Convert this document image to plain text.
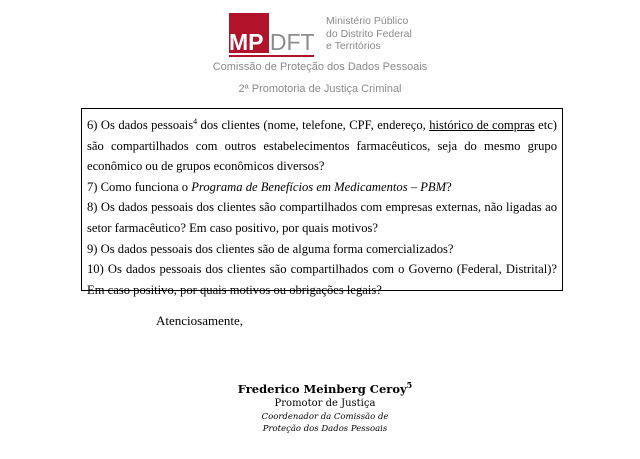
MP DFT
Ministério Público
do Distrito Federal
e Territórios
Comissão de Proteção dos Dados Pessoais
2ª Promotoria de Justiça Criminal

6) Os dados pessoais$^4$ dos clientes (nome, telefone, CPF, endereço, histórico de compras etc) são compartilhados com outros estabelecimentos farmacêuticos, seja do mesmo grupo econômico ou de grupos econômicos diversos?

7) Como funciona o Programa de Benefícios em Medicamentos – PBM?

8) Os dados pessoais dos clientes são compartilhados com empresas externas, não ligadas ao setor farmacêutico? Em caso positivo, por quais motivos?

9) Os dados pessoais dos clientes são de alguma forma comercializados?

10) Os dados pessoais dos clientes são compartilhados com o Governo (Federal, Distrital)? Em caso positivo, por quais motivos ou obrigações legais?

Atenciosamente,
Frederico Meinberg Ceroy$^5$
Promotor de Justiça
Coordenador da Comissão de
Proteção dos Dados Pessoais
